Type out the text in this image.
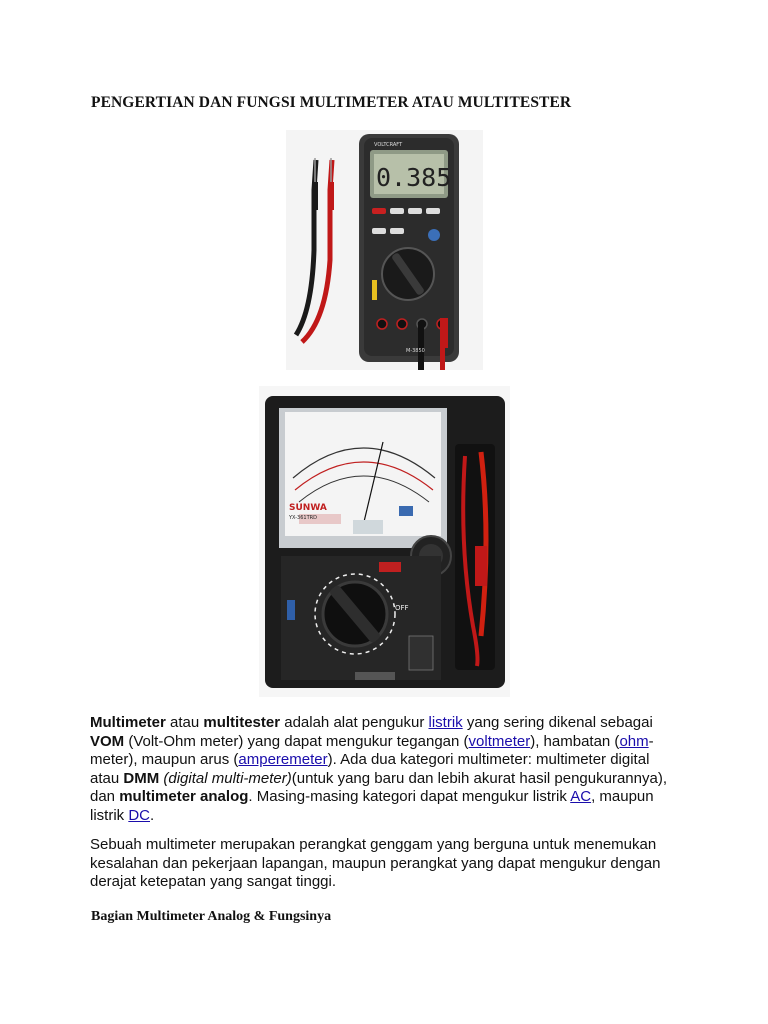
PENGERTIAN DAN FUNGSI MULTIMETER ATAU MULTITESTER
VOLTCRAFT
0.385
M-3850
SUNWA
YX-361TRD
OFF
Multimeter atau multitester adalah alat pengukur listrik yang sering dikenal sebagai VOM (Volt-Ohm meter) yang dapat mengukur tegangan (voltmeter), hambatan (ohm-meter), maupun arus (amperemeter). Ada dua kategori multimeter: multimeter digital atau DMM (digital multi-meter)(untuk yang baru dan lebih akurat hasil pengukurannya), dan multimeter analog. Masing-masing kategori dapat mengukur listrik AC, maupun listrik DC.
Sebuah multimeter merupakan perangkat genggam yang berguna untuk menemukan kesalahan dan pekerjaan lapangan, maupun perangkat yang dapat mengukur dengan derajat ketepatan yang sangat tinggi.
Bagian Multimeter Analog & Fungsinya
